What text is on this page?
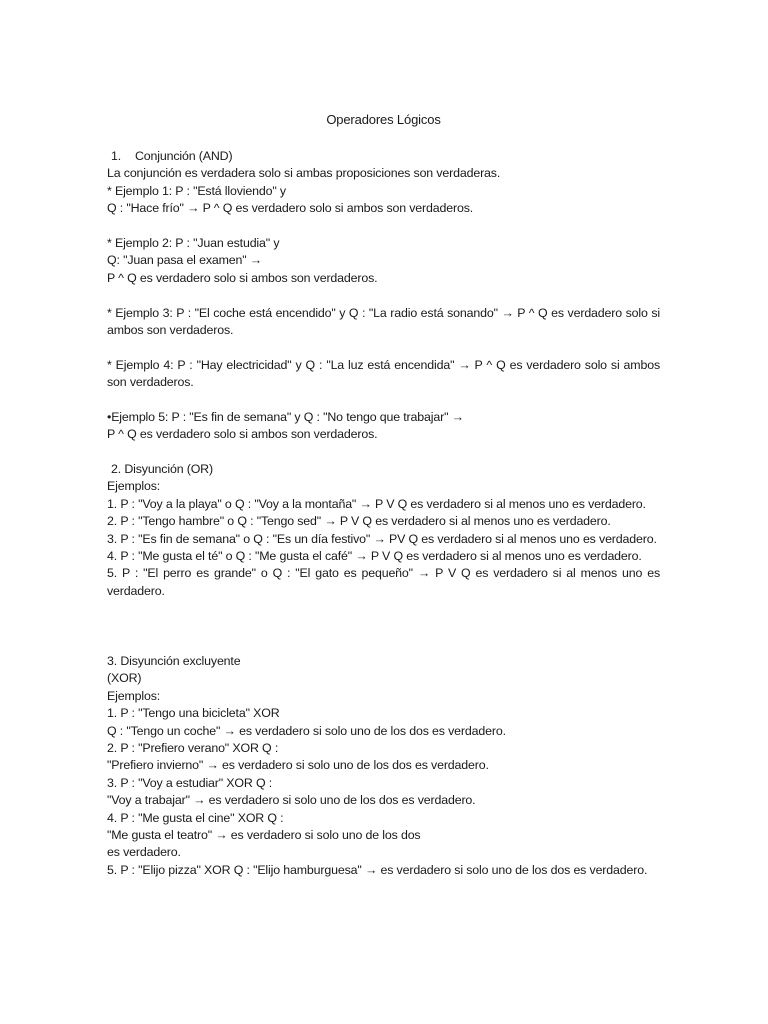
Operadores Lógicos
1. Conjunción (AND)
La conjunción es verdadera solo si ambas proposiciones son verdaderas.
* Ejemplo 1: P : "Está lloviendo" y
Q : "Hace frío" → P ^ Q es verdadero solo si ambos son verdaderos.
* Ejemplo 2: P : "Juan estudia" y
Q: "Juan pasa el examen" →
P ^ Q es verdadero solo si ambos son verdaderos.
* Ejemplo 3: P : "El coche está encendido" y Q : "La radio está sonando" → P ^ Q es verdadero solo si ambos son verdaderos.
* Ejemplo 4: P : "Hay electricidad" y Q : "La luz está encendida" → P ^ Q es verdadero solo si ambos son verdaderos.
•Ejemplo 5: P : "Es fin de semana" y Q : "No tengo que trabajar" →
P ^ Q es verdadero solo si ambos son verdaderos.
2. Disyunción (OR)
Ejemplos:
1. P : "Voy a la playa" o Q : "Voy a la montaña" → P V Q es verdadero si al menos uno es verdadero.
2. P : "Tengo hambre" o Q : "Tengo sed" → P V Q es verdadero si al menos uno es verdadero.
3. P : "Es fin de semana" o Q : "Es un día festivo" → PV Q es verdadero si al menos uno es verdadero.
4. P : "Me gusta el té" o Q : "Me gusta el café" → P V Q es verdadero si al menos uno es verdadero.
5. P : "El perro es grande" o Q : "El gato es pequeño" → P V Q es verdadero si al menos uno es verdadero.
3. Disyunción excluyente
(XOR)
Ejemplos:
1. P : "Tengo una bicicleta" XOR
Q : "Tengo un coche" → es verdadero si solo uno de los dos es verdadero.
2. P : "Prefiero verano" XOR Q :
"Prefiero invierno" → es verdadero si solo uno de los dos es verdadero.
3. P : "Voy a estudiar" XOR Q :
"Voy a trabajar" → es verdadero si solo uno de los dos es verdadero.
4. P : "Me gusta el cine" XOR Q :
"Me gusta el teatro" → es verdadero si solo uno de los dos
es verdadero.
5. P : "Elijo pizza" XOR Q : "Elijo hamburguesa" → es verdadero si solo uno de los dos es verdadero.
